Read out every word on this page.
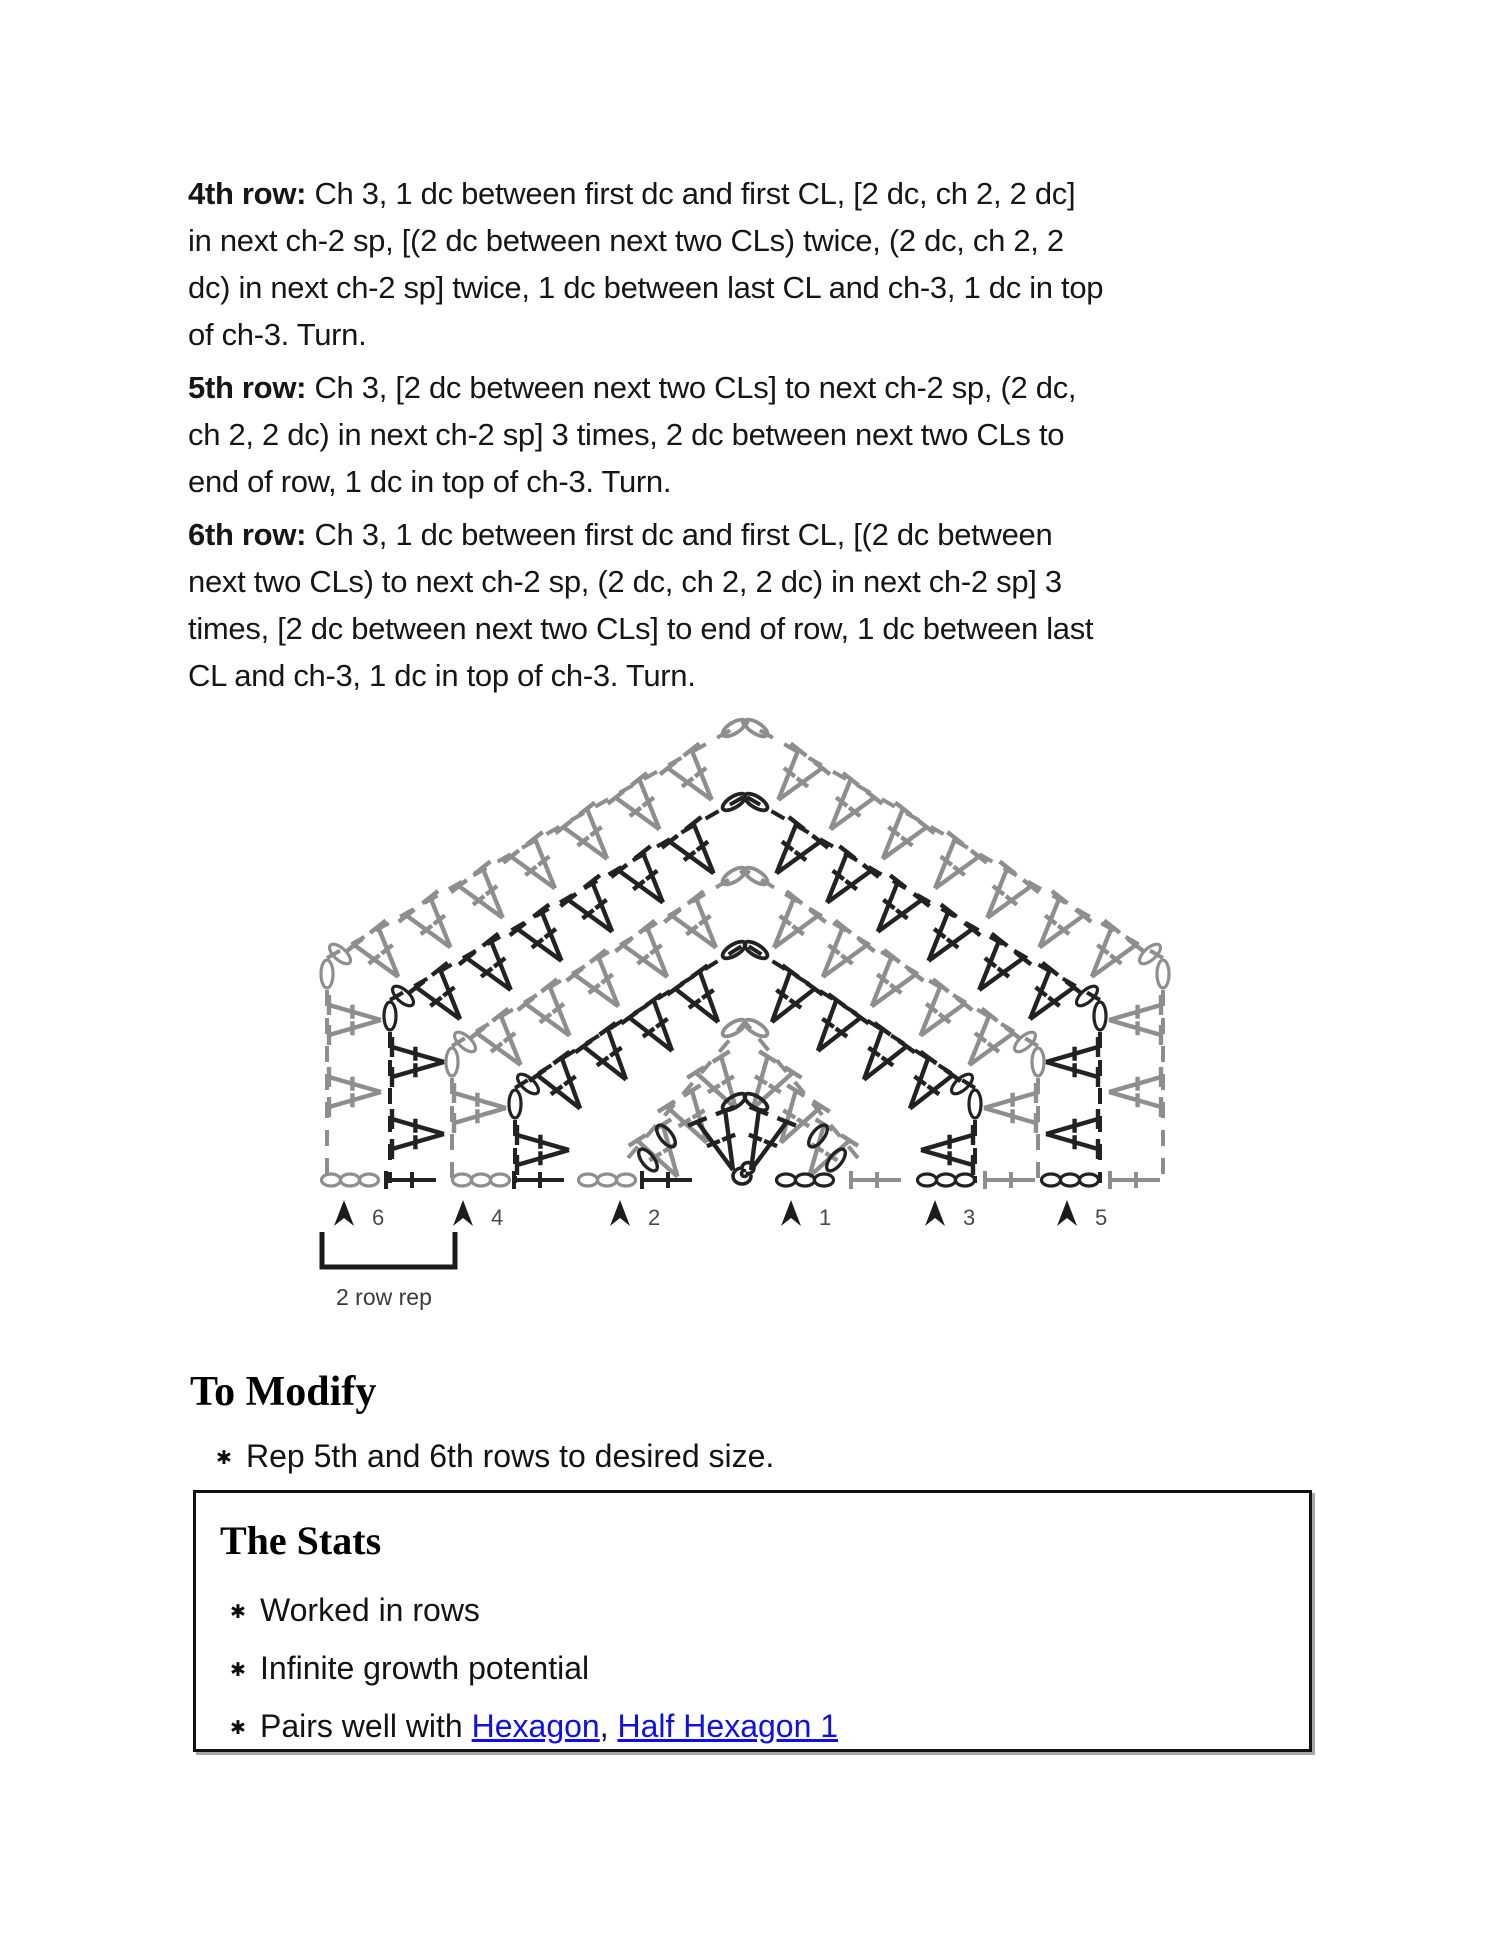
4th row: Ch 3, 1 dc between first dc and first CL, [2 dc, ch 2, 2 dc]
in next ch-2 sp, [(2 dc between next two CLs) twice, (2 dc, ch 2, 2
dc) in next ch-2 sp] twice, 1 dc between last CL and ch-3, 1 dc in top
of ch-3. Turn.
5th row: Ch 3, [2 dc between next two CLs] to next ch-2 sp, (2 dc,
ch 2, 2 dc) in next ch-2 sp] 3 times, 2 dc between next two CLs to
end of row, 1 dc in top of ch-3. Turn.
6th row: Ch 3, 1 dc between first dc and first CL, [(2 dc between
next two CLs) to next ch-2 sp, (2 dc, ch 2, 2 dc) in next ch-2 sp] 3
times, [2 dc between next two CLs] to end of row, 1 dc between last
CL and ch-3, 1 dc in top of ch-3. Turn.
6	4	2	1	3	5
2 row rep
To Modify
✱ Rep 5th and 6th rows to desired size.
The Stats
✱ Worked in rows
✱ Infinite growth potential
✱ Pairs well with Hexagon, Half Hexagon 1
